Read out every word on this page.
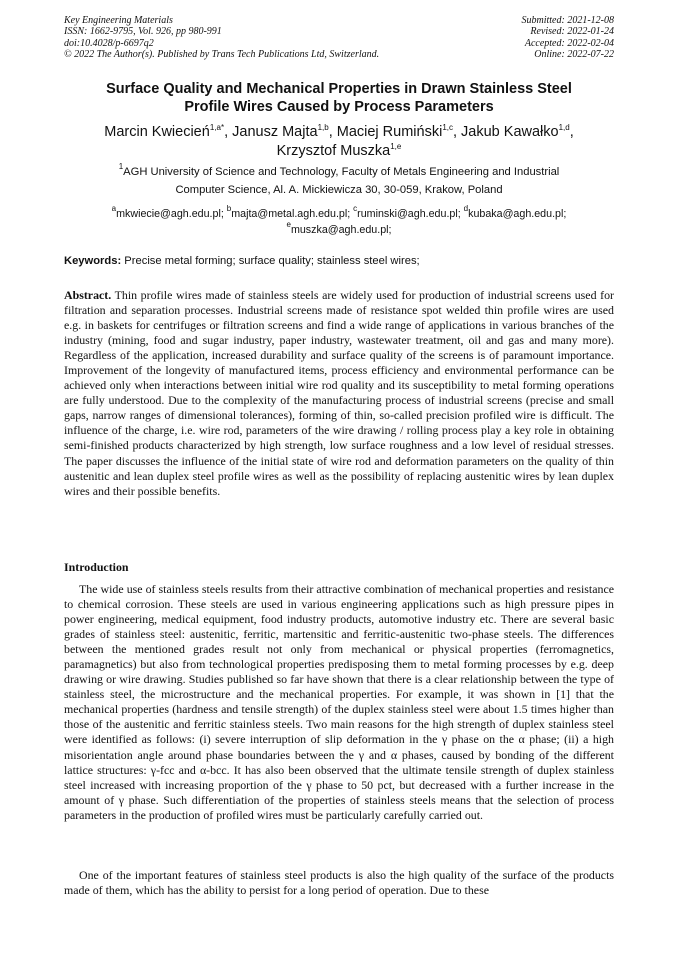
Key Engineering Materials
ISSN: 1662-9795, Vol. 926, pp 980-991
doi:10.4028/p-6697q2
© 2022 The Author(s). Published by Trans Tech Publications Ltd, Switzerland.
Submitted: 2021-12-08
Revised: 2022-01-24
Accepted: 2022-02-04
Online: 2022-07-22
Surface Quality and Mechanical Properties in Drawn Stainless Steel
Profile Wires Caused by Process Parameters
Marcin Kwiecień$^{1,a*}$, Janusz Majta$^{1,b}$, Maciej Rumiński$^{1,c}$, Jakub Kawałko$^{1,d}$,
Krzysztof Muszka$^{1,e}$
$^1$AGH University of Science and Technology, Faculty of Metals Engineering and Industrial
Computer Science, Al. A. Mickiewicza 30, 30-059, Krakow, Poland
$^a$mkwiecie@agh.edu.pl; $^b$majta@metal.agh.edu.pl; $^c$ruminski@agh.edu.pl; $^d$kubaka@agh.edu.pl;
$^e$muszka@agh.edu.pl;
Keywords: Precise metal forming; surface quality; stainless steel wires;

Abstract. Thin profile wires made of stainless steels are widely used for production of industrial screens used for filtration and separation processes. Industrial screens made of resistance spot welded thin profile wires are used e.g. in baskets for centrifuges or filtration screens and find a wide range of applications in various branches of the industry (mining, food and sugar industry, paper industry, wastewater treatment, oil and gas and many more). Regardless of the application, increased durability and surface quality of the screens is of paramount importance. Improvement of the longevity of manufactured items, process efficiency and environmental performance can be achieved only when interactions between initial wire rod quality and its susceptibility to metal forming operations are fully understood. Due to the complexity of the manufacturing process of industrial screens (precise and small gaps, narrow ranges of dimensional tolerances), forming of thin, so-called precision profiled wire is difficult. The influence of the charge, i.e. wire rod, parameters of the wire drawing / rolling process play a key role in obtaining semi-finished products characterized by high strength, low surface roughness and a low level of residual stresses. The paper discusses the influence of the initial state of wire rod and deformation parameters on the quality of thin austenitic and lean duplex steel profile wires as well as the possibility of replacing austenitic wires by lean duplex wires and their possible benefits.

Introduction

The wide use of stainless steels results from their attractive combination of mechanical properties and resistance to chemical corrosion. These steels are used in various engineering applications such as high pressure pipes in power engineering, medical equipment, food industry products, automotive industry etc. There are several basic grades of stainless steel: austenitic, ferritic, martensitic and ferritic-austenitic two-phase steels. The differences between the mentioned grades result not only from mechanical or physical properties (ferromagnetics, paramagnetics) but also from technological properties predisposing them to metal forming processes by e.g. deep drawing or wire drawing. Studies published so far have shown that there is a clear relationship between the type of stainless steel, the microstructure and the mechanical properties. For example, it was shown in [1] that the mechanical properties (hardness and tensile strength) of the duplex stainless steel were about 1.5 times higher than those of the austenitic and ferritic stainless steels. Two main reasons for the high strength of duplex stainless steel were identified as follows: (i) severe interruption of slip deformation in the γ phase on the α phase; (ii) a high misorientation angle around phase boundaries between the γ and α phases, caused by bonding of the different lattice structures: γ-fcc and α-bcc. It has also been observed that the ultimate tensile strength of duplex stainless steel increased with increasing proportion of the γ phase to 50 pct, but decreased with a further increase in the amount of γ phase. Such differentiation of the properties of stainless steels means that the selection of process parameters in the production of profiled wires must be particularly carefully carried out.

One of the important features of stainless steel products is also the high quality of the surface of the products made of them, which has the ability to persist for a long period of operation. Due to these
